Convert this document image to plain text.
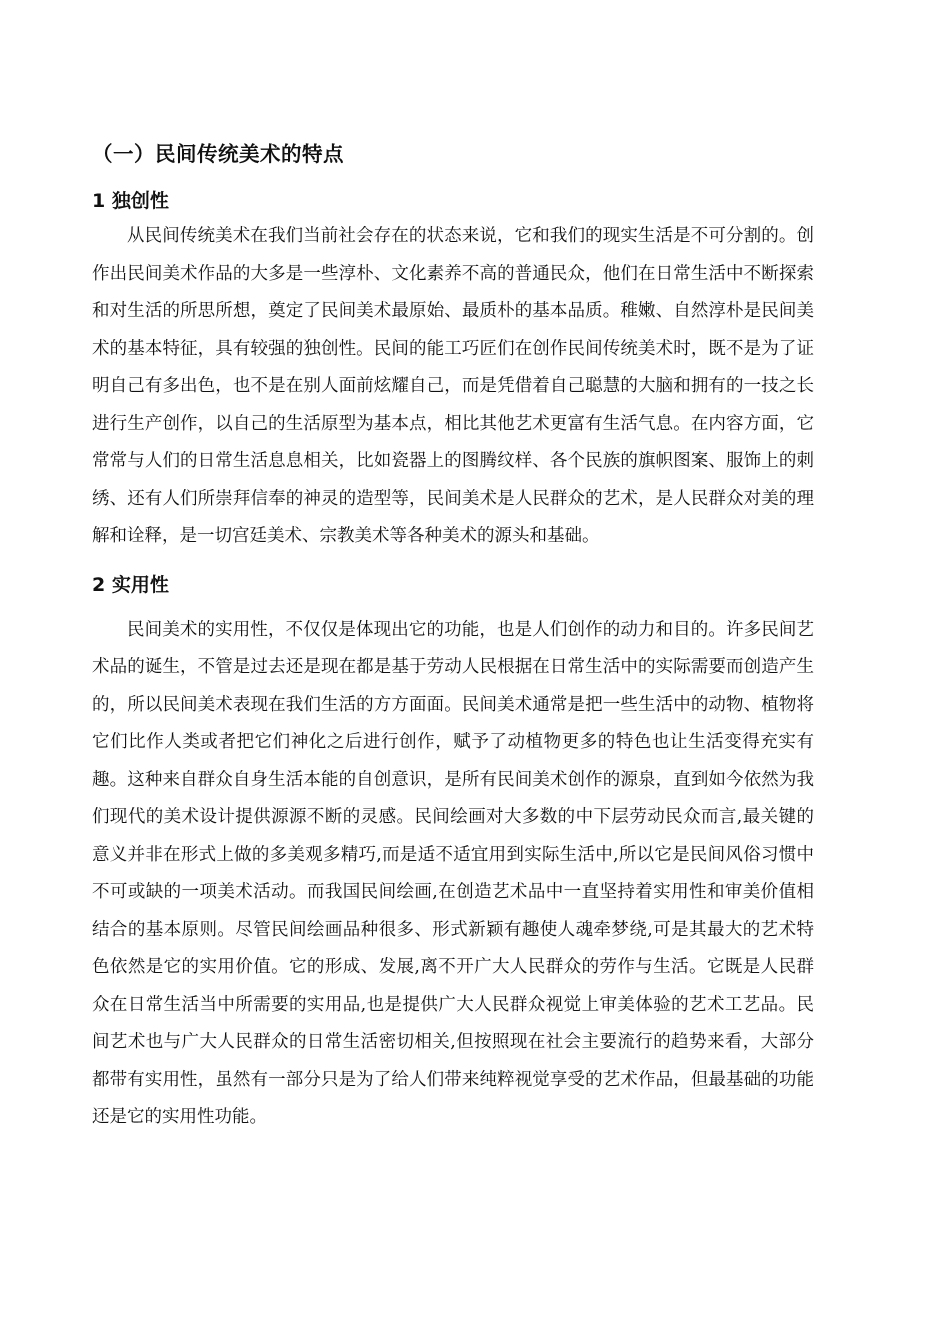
（一）民间传统美术的特点
1 独创性

从民间传统美术在我们当前社会存在的状态来说，它和我们的现实生活是不可分割的。创作出民间美术作品的大多是一些淳朴、文化素养不高的普通民众，他们在日常生活中不断探索和对生活的所思所想，奠定了民间美术最原始、最质朴的基本品质。稚嫩、自然淳朴是民间美术的基本特征，具有较强的独创性。民间的能工巧匠们在创作民间传统美术时，既不是为了证明自己有多出色，也不是在别人面前炫耀自己，而是凭借着自己聪慧的大脑和拥有的一技之长进行生产创作，以自己的生活原型为基本点，相比其他艺术更富有生活气息。在内容方面，它常常与人们的日常生活息息相关，比如瓷器上的图腾纹样、各个民族的旗帜图案、服饰上的刺绣、还有人们所崇拜信奉的神灵的造型等，民间美术是人民群众的艺术，是人民群众对美的理解和诠释，是一切宫廷美术、宗教美术等各种美术的源头和基础。

2 实用性

民间美术的实用性，不仅仅是体现出它的功能，也是人们创作的动力和目的。许多民间艺术品的诞生，不管是过去还是现在都是基于劳动人民根据在日常生活中的实际需要而创造产生的，所以民间美术表现在我们生活的方方面面。民间美术通常是把一些生活中的动物、植物将它们比作人类或者把它们神化之后进行创作，赋予了动植物更多的特色也让生活变得充实有趣。这种来自群众自身生活本能的自创意识，是所有民间美术创作的源泉，直到如今依然为我们现代的美术设计提供源源不断的灵感。民间绘画对大多数的中下层劳动民众而言,最关键的意义并非在形式上做的多美观多精巧,而是适不适宜用到实际生活中,所以它是民间风俗习惯中不可或缺的一项美术活动。而我国民间绘画,在创造艺术品中一直坚持着实用性和审美价值相结合的基本原则。尽管民间绘画品种很多、形式新颖有趣使人魂牵梦绕,可是其最大的艺术特色依然是它的实用价值。它的形成、发展,离不开广大人民群众的劳作与生活。它既是人民群众在日常生活当中所需要的实用品,也是提供广大人民群众视觉上审美体验的艺术工艺品。民间艺术也与广大人民群众的日常生活密切相关,但按照现在社会主要流行的趋势来看，大部分都带有实用性，虽然有一部分只是为了给人们带来纯粹视觉享受的艺术作品，但最基础的功能还是它的实用性功能。
